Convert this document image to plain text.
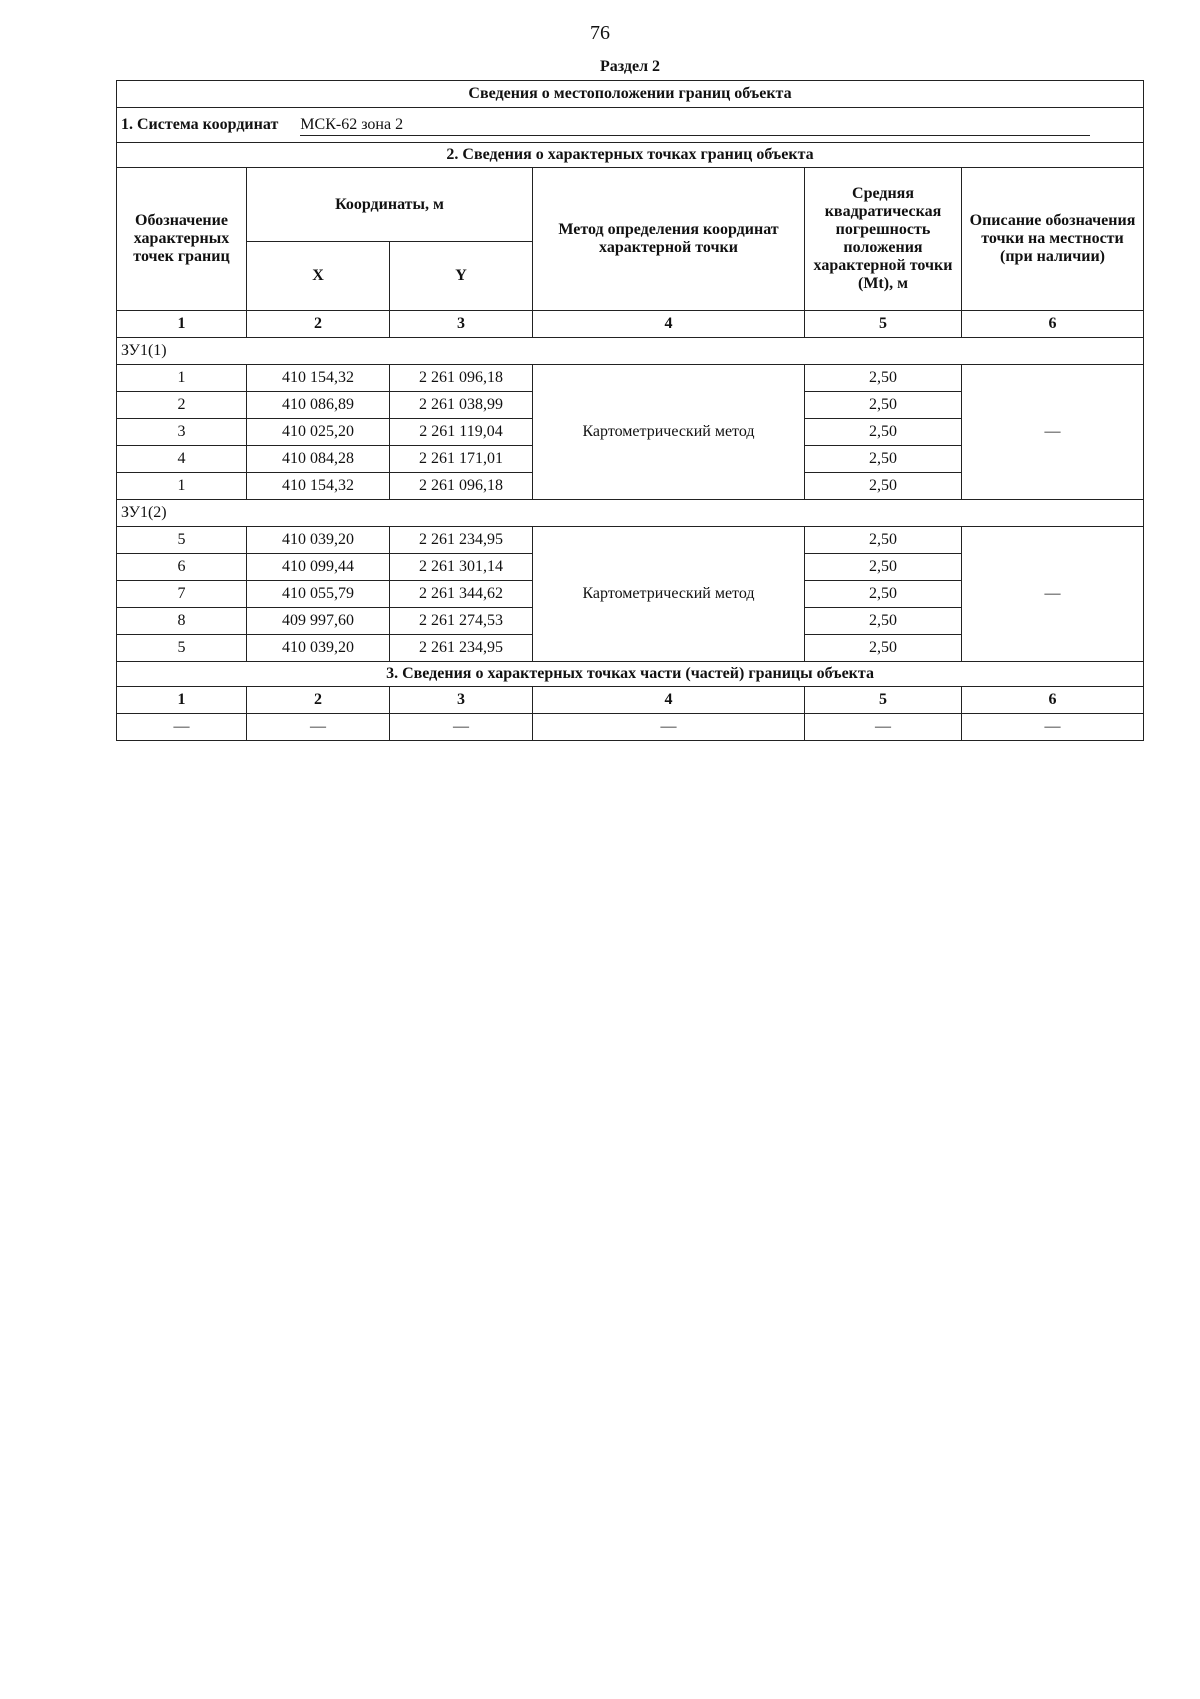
76
Раздел 2
Сведения о местоположении границ объекта					
1. Система координат МСК-62 зона 2					
2. Сведения о характерных точках границ объекта					
Обозначение характерных точек границ	Координаты, м		Метод определения координат характерной точки	Средняя квадратическая погрешность положения характерной точки (Mt), м	Описание обозначения точки на местности (при наличии)
	X	Y			
1	2	3	4	5	6
ЗУ1(1)					
1	410 154,32	2 261 096,18	Картометрический метод	2,50	—
2	410 086,89	2 261 038,99		2,50	
3	410 025,20	2 261 119,04		2,50	
4	410 084,28	2 261 171,01		2,50	
1	410 154,32	2 261 096,18		2,50	
ЗУ1(2)					
5	410 039,20	2 261 234,95	Картометрический метод	2,50	—
6	410 099,44	2 261 301,14		2,50	
7	410 055,79	2 261 344,62		2,50	
8	409 997,60	2 261 274,53		2,50	
5	410 039,20	2 261 234,95		2,50	
3. Сведения о характерных точках части (частей) границы объекта					
1	2	3	4	5	6
—	—	—	—	—	—
